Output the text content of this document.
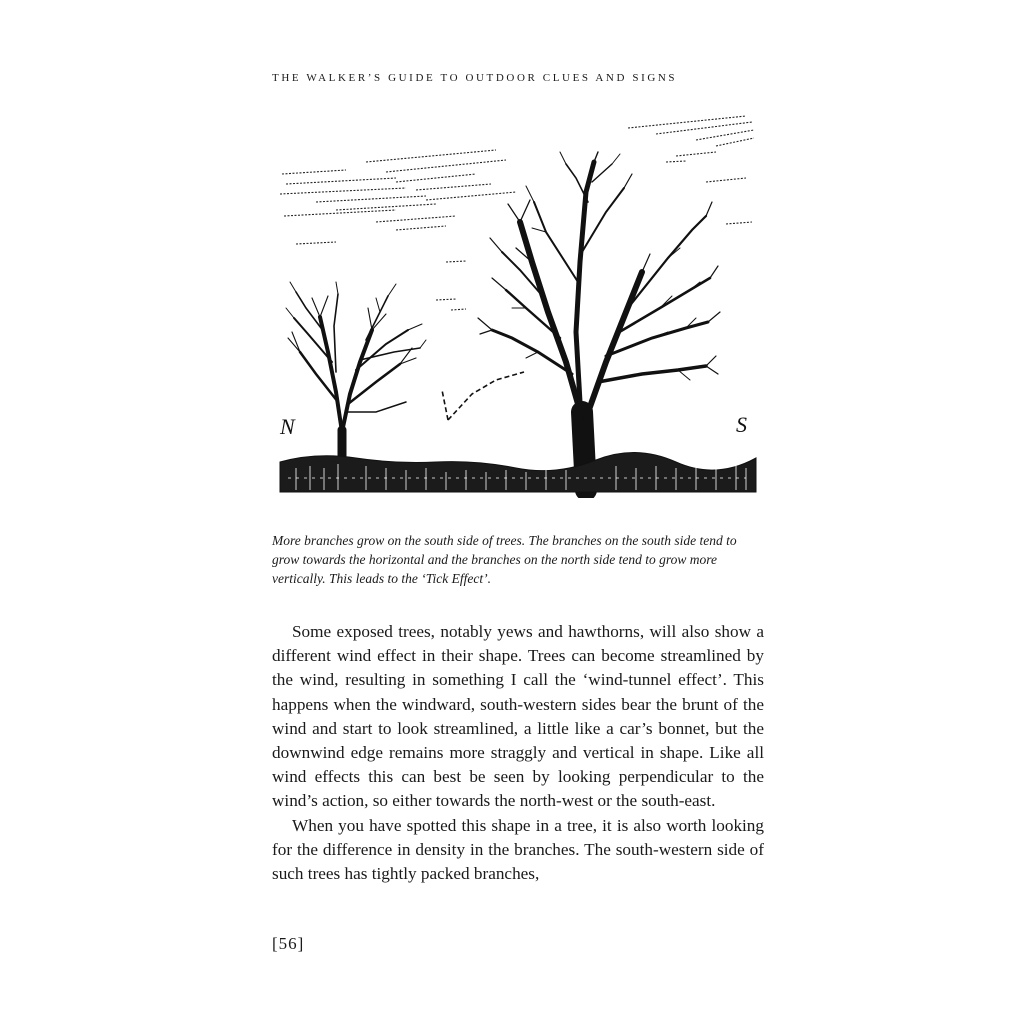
THE WALKER’S GUIDE TO OUTDOOR CLUES AND SIGNS
N	S
More branches grow on the south side of trees. The branches on the south side tend to grow towards the horizontal and the branches on the north side tend to grow more vertically. This leads to the ‘Tick Effect’.

Some exposed trees, notably yews and hawthorns, will also show a different wind effect in their shape. Trees can become streamlined by the wind, resulting in something I call the ‘wind-tunnel effect’. This happens when the windward, south-western sides bear the brunt of the wind and start to look streamlined, a little like a car’s bonnet, but the downwind edge remains more straggly and vertical in shape. Like all wind effects this can best be seen by looking perpendicular to the wind’s action, so either towards the north-west or the south-east.

When you have spotted this shape in a tree, it is also worth looking for the difference in density in the branches. The south-western side of such trees has tightly packed branches,

[56]
